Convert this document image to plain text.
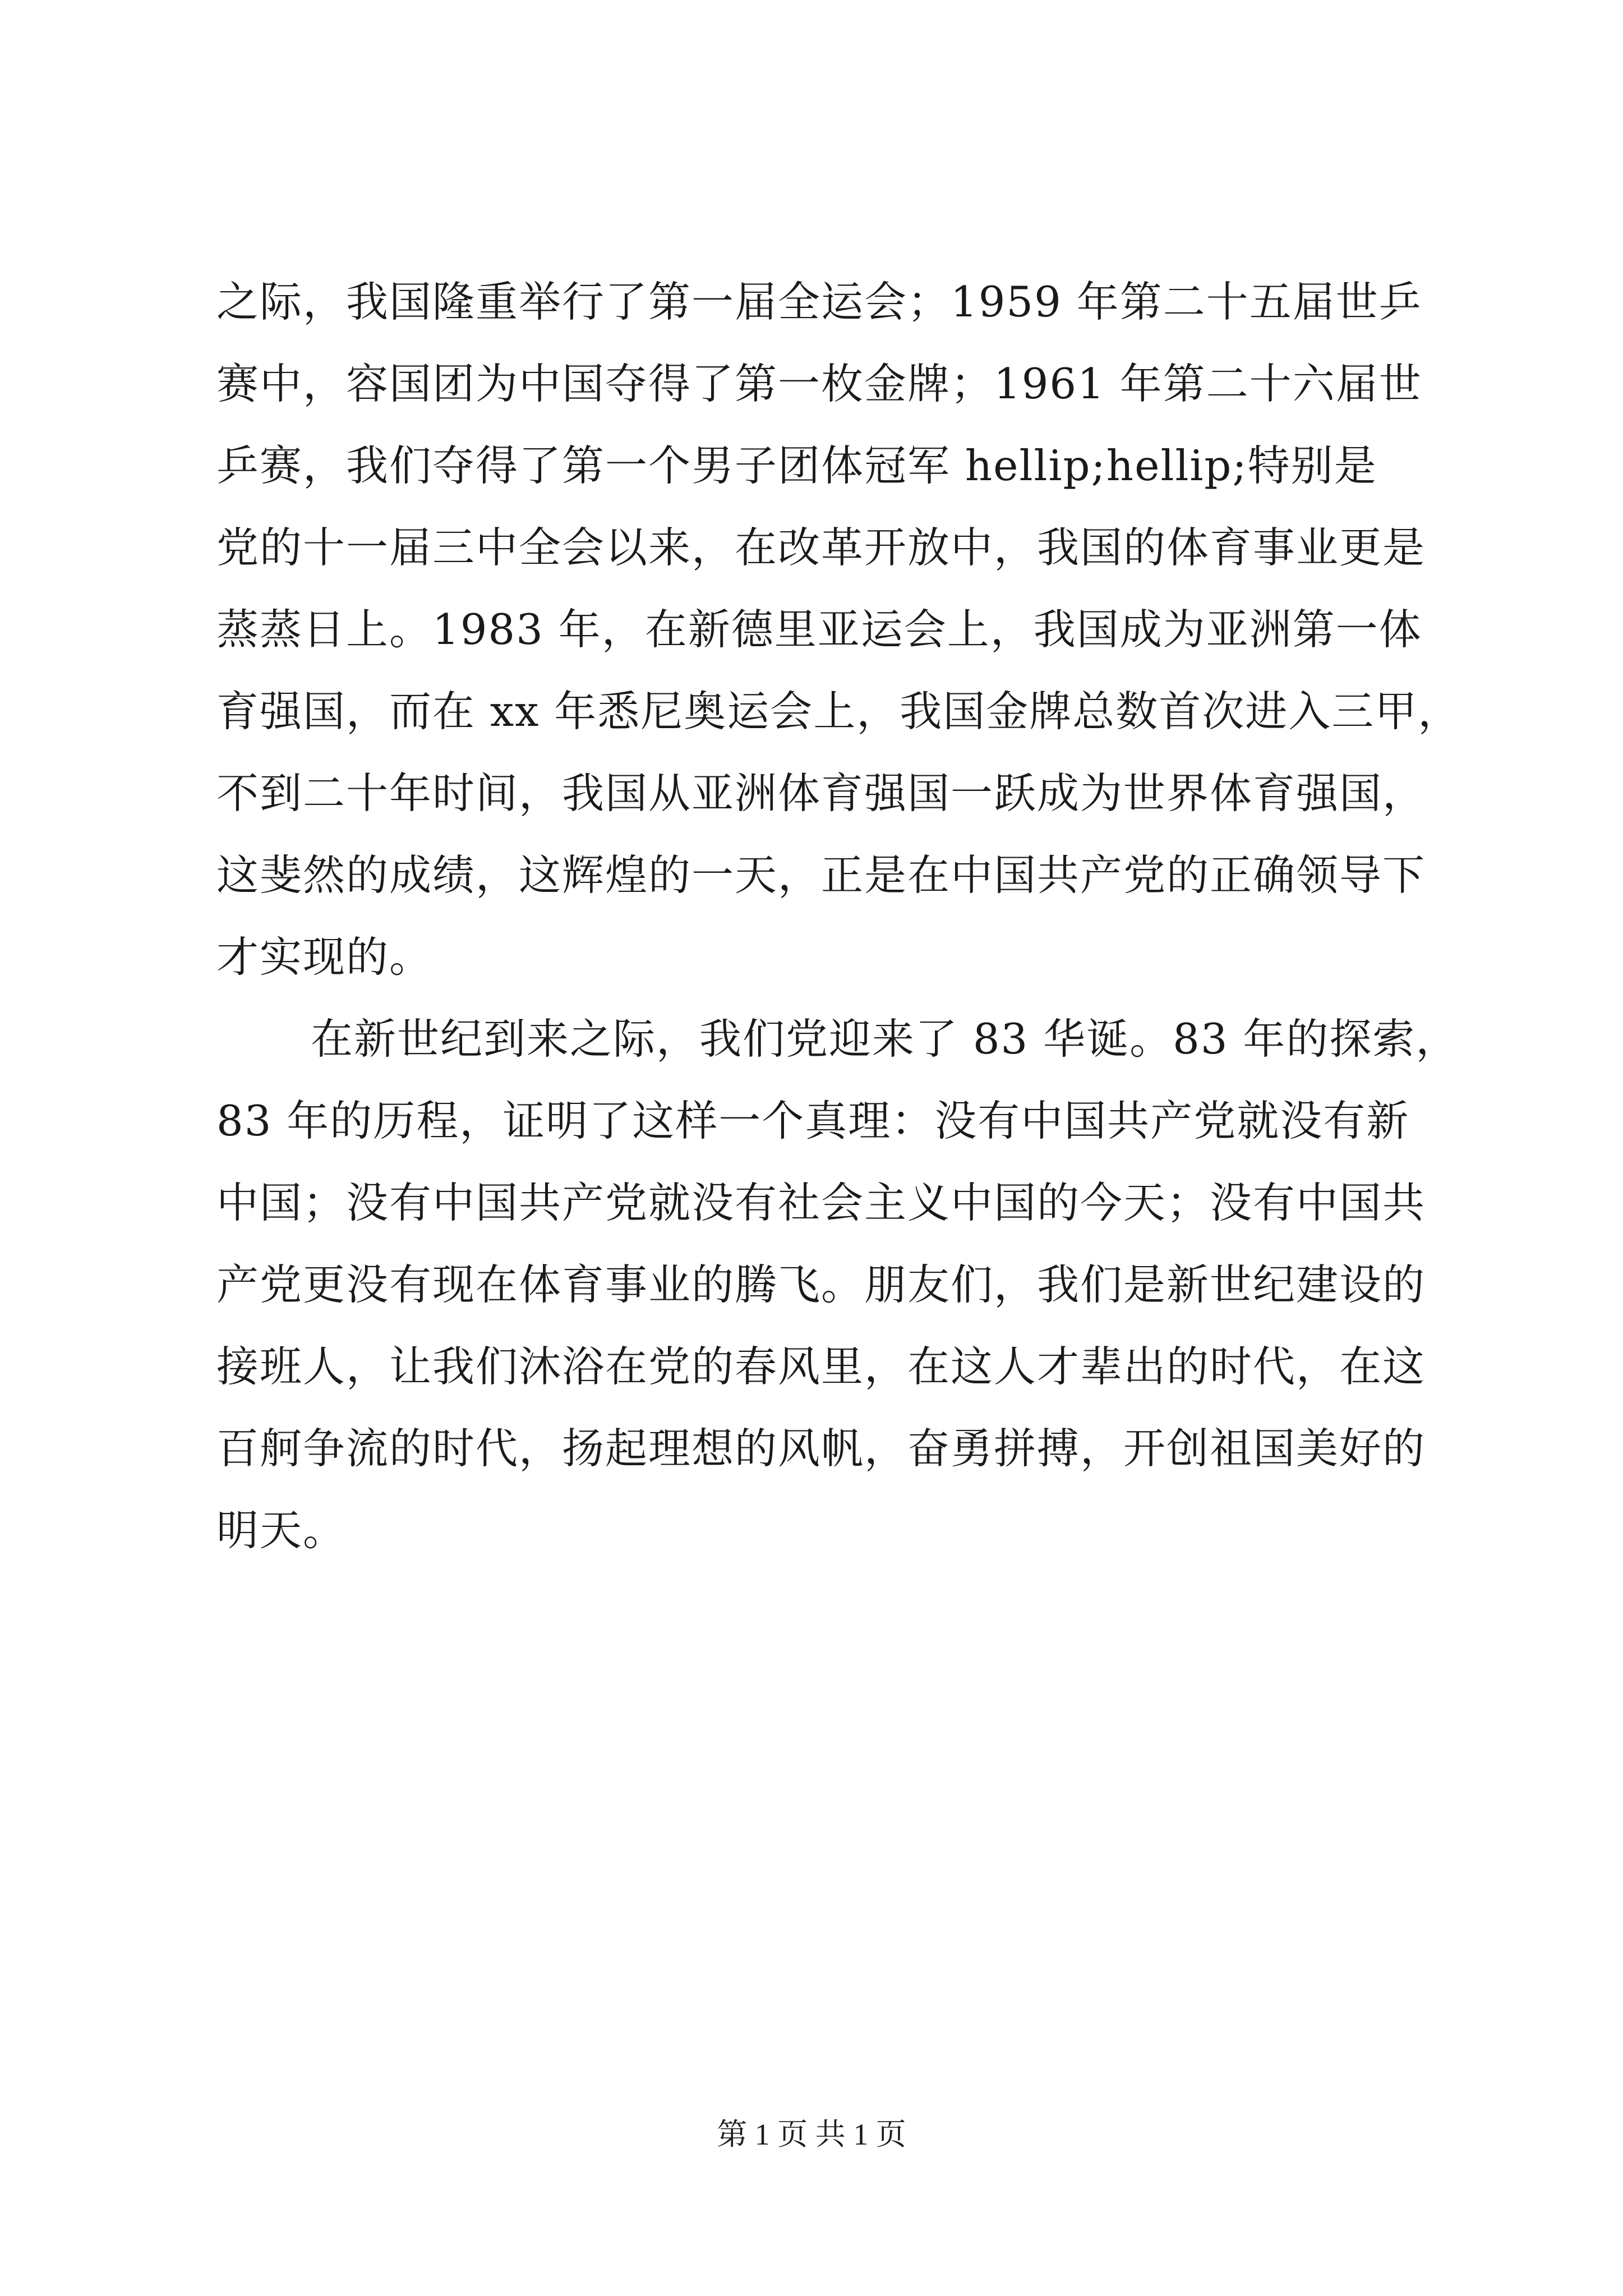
之际，我国隆重举行了第一届全运会；1959 年第二十五届世乒
赛中，容国团为中国夺得了第一枚金牌；1961 年第二十六届世
乒赛，我们夺得了第一个男子团体冠军 hellip;hellip;特别是
党的十一届三中全会以来，在改革开放中，我国的体育事业更是
蒸蒸日上。1983 年，在新德里亚运会上，我国成为亚洲第一体
育强国，而在 xx 年悉尼奥运会上，我国金牌总数首次进入三甲，
不到二十年时间，我国从亚洲体育强国一跃成为世界体育强国，
这斐然的成绩，这辉煌的一天，正是在中国共产党的正确领导下
才实现的。
在新世纪到来之际，我们党迎来了 83 华诞。83 年的探索，
83 年的历程，证明了这样一个真理：没有中国共产党就没有新
中国；没有中国共产党就没有社会主义中国的今天；没有中国共
产党更没有现在体育事业的腾飞。朋友们，我们是新世纪建设的
接班人，让我们沐浴在党的春风里，在这人才辈出的时代，在这
百舸争流的时代，扬起理想的风帆，奋勇拼搏，开创祖国美好的
明天。
第 1 页 共 1 页
